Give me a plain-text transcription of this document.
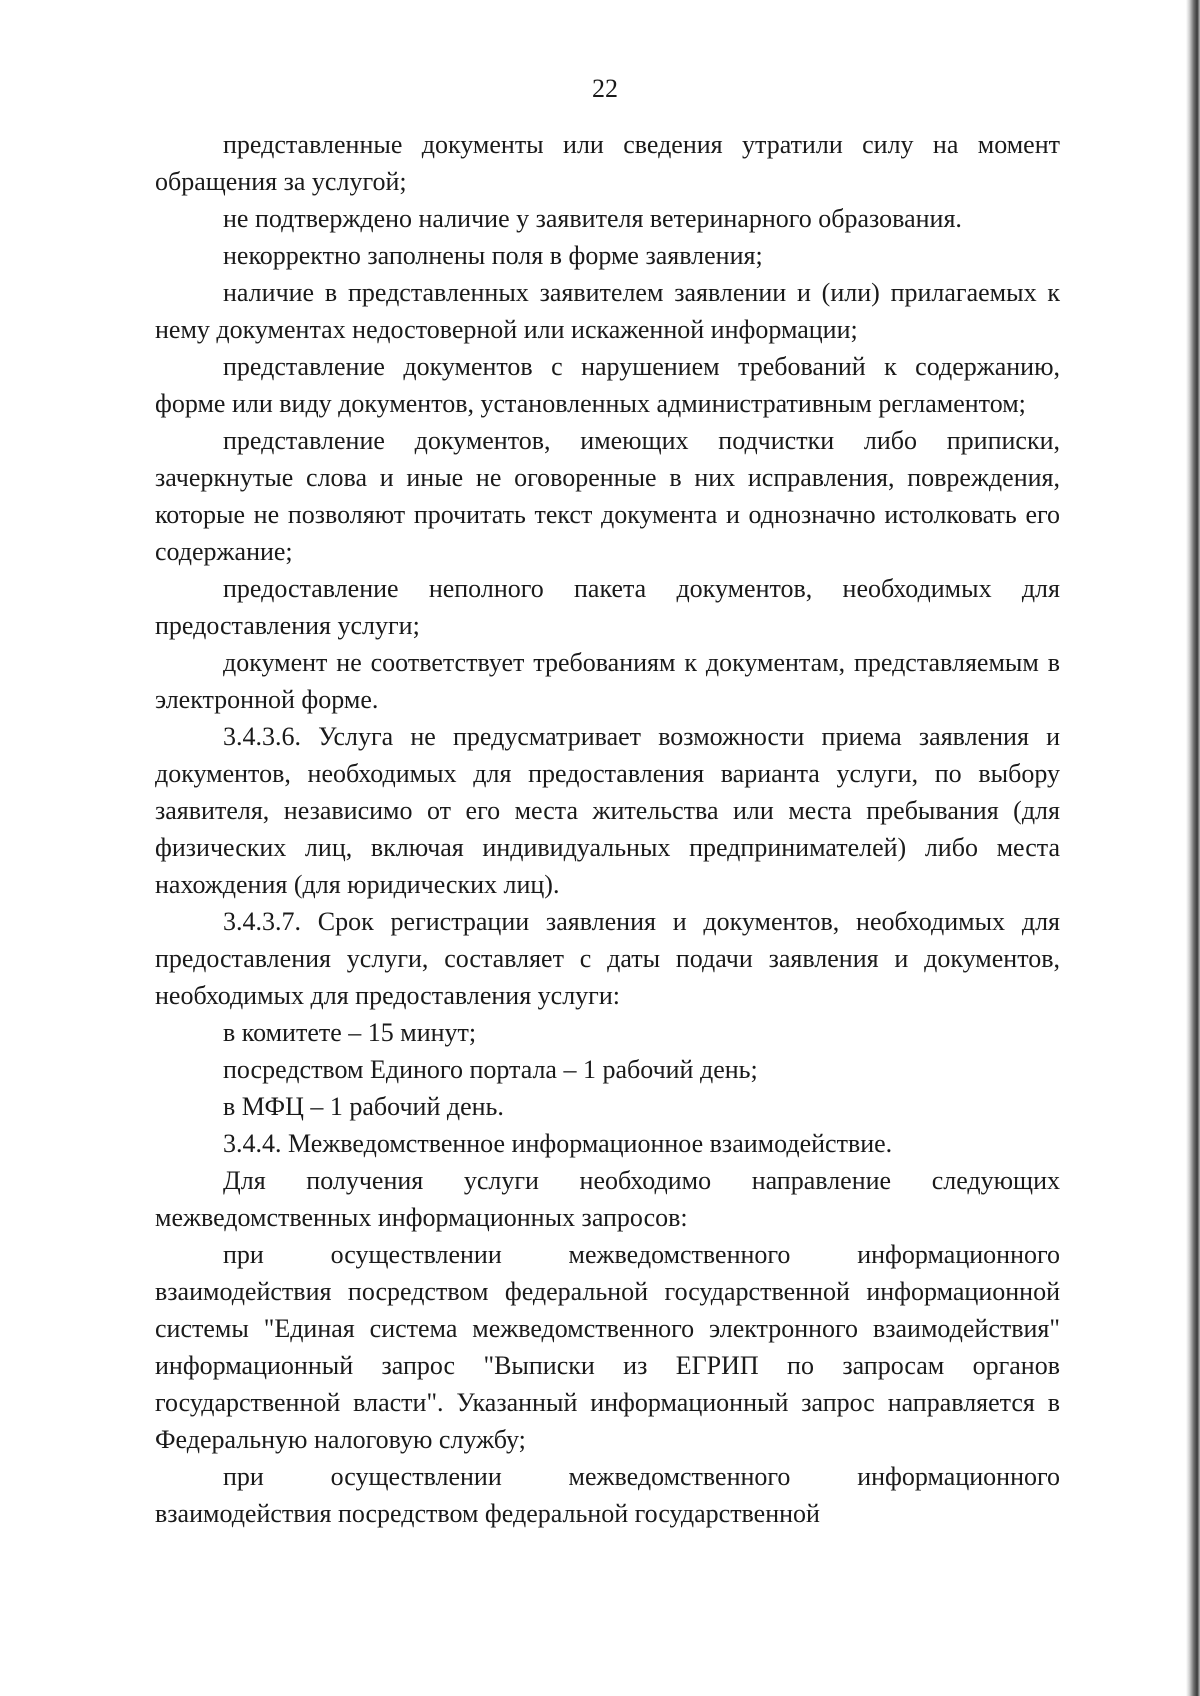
22

представленные документы или сведения утратили силу на момент обращения за услугой;

не подтверждено наличие у заявителя ветеринарного образования.

некорректно заполнены поля в форме заявления;

наличие в представленных заявителем заявлении и (или) прилагаемых к нему документах недостоверной или искаженной информации;

представление документов с нарушением требований к содержанию, форме или виду документов, установленных административным регламентом;

представление документов, имеющих подчистки либо приписки, зачеркнутые слова и иные не оговоренные в них исправления, повреждения, которые не позволяют прочитать текст документа и однозначно истолковать его содержание;

предоставление неполного пакета документов, необходимых для предоставления услуги;

документ не соответствует требованиям к документам, представляемым в электронной форме.

3.4.3.6. Услуга не предусматривает возможности приема заявления и документов, необходимых для предоставления варианта услуги, по выбору заявителя, независимо от его места жительства или места пребывания (для физических лиц, включая индивидуальных предпринимателей) либо места нахождения (для юридических лиц).

3.4.3.7. Срок регистрации заявления и документов, необходимых для предоставления услуги, составляет с даты подачи заявления и документов, необходимых для предоставления услуги:

в комитете – 15 минут;

посредством Единого портала – 1 рабочий день;

в МФЦ – 1 рабочий день.

3.4.4. Межведомственное информационное взаимодействие.

Для получения услуги необходимо направление следующих межведомственных информационных запросов:

при осуществлении межведомственного информационного взаимодействия посредством федеральной государственной информационной системы "Единая система межведомственного электронного взаимодействия" информационный запрос "Выписки из ЕГРИП по запросам органов государственной власти". Указанный информационный запрос направляется в Федеральную налоговую службу;

при осуществлении межведомственного информационного взаимодействия посредством федеральной государственной
